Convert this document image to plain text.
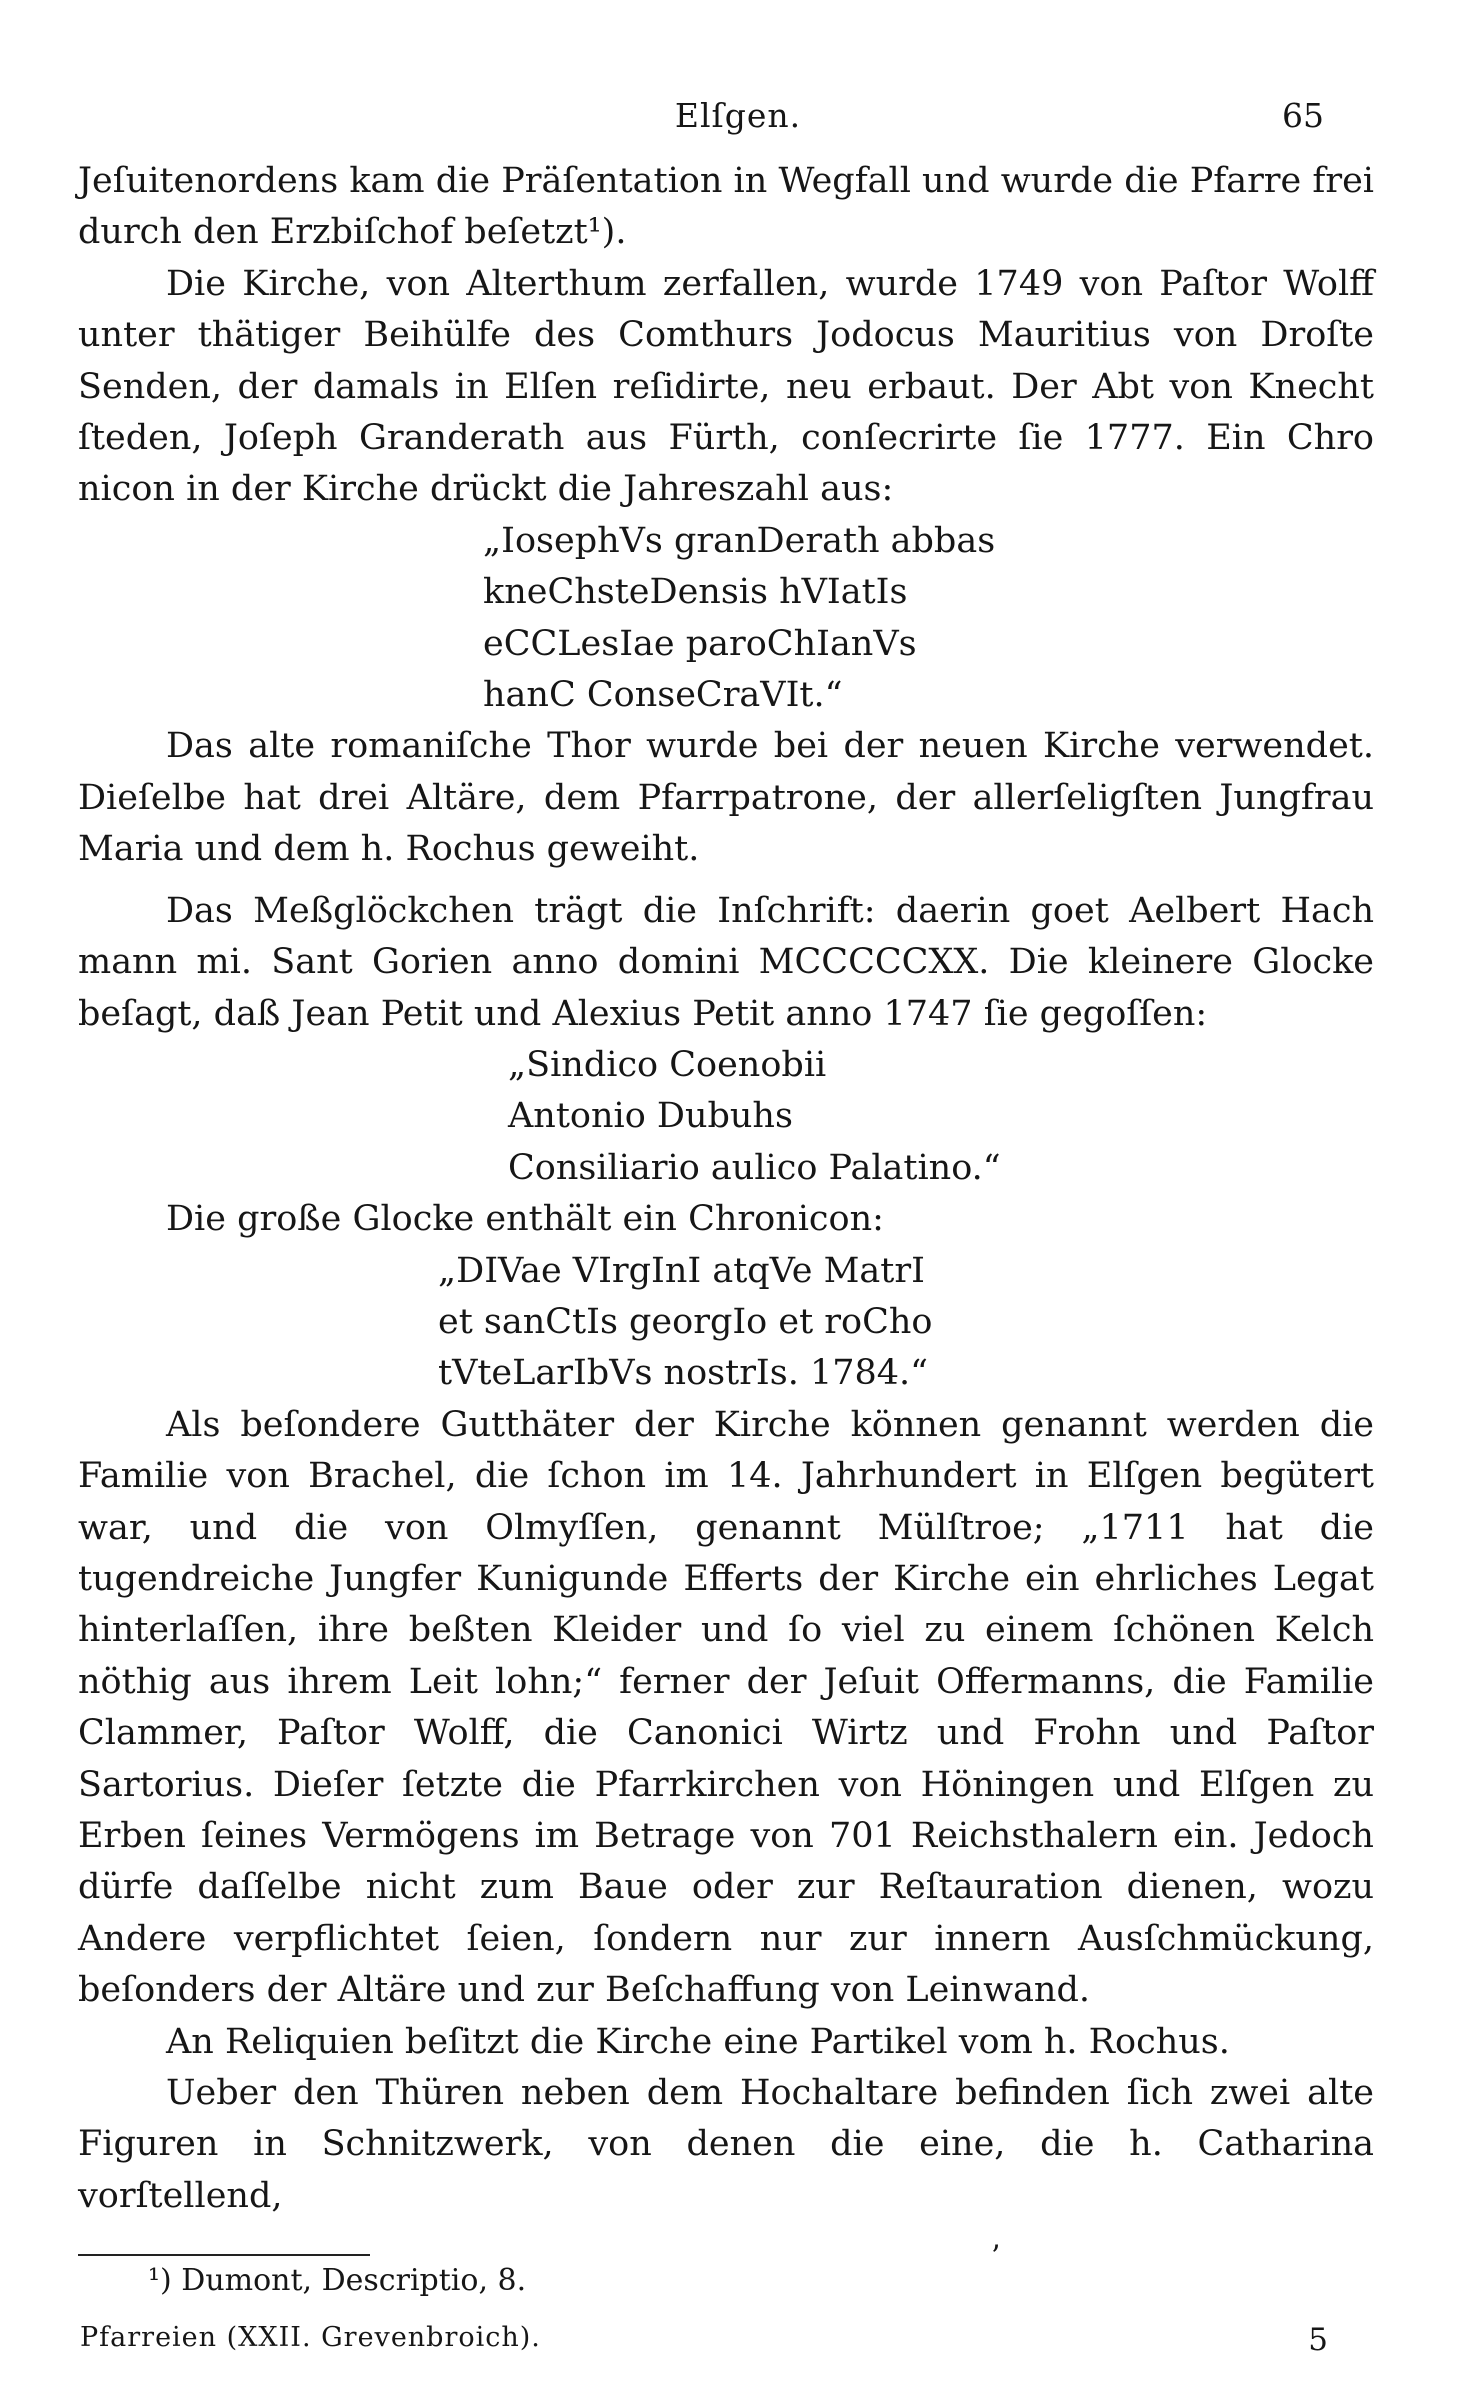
Elſgen.	65

Jeſuitenordens kam die Präſentation in Wegfall und wurde die Pfarre frei durch den Erzbiſchof beſetzt¹).

Die Kirche, von Alterthum zerfallen, wurde 1749 von Paſtor Wolff unter thätiger Beihülfe des Comthurs Jodocus Mauritius von Droſte Senden, der damals in Elſen reſidirte, neu erbaut. Der Abt von Knecht ſteden, Joſeph Granderath aus Fürth, conſecrirte ſie 1777. Ein Chro nicon in der Kirche drückt die Jahreszahl aus:

„IosephVs granDerath abbas
kneChsteDensis hVIatIs
eCCLesIae paroChIanVs
hanC ConseCraVIt.“

Das alte romaniſche Thor wurde bei der neuen Kirche verwendet. Dieſelbe hat drei Altäre, dem Pfarrpatrone, der allerſeligſten Jungfrau Maria und dem h. Rochus geweiht.

Das Meßglöckchen trägt die Inſchrift: daerin goet Aelbert Hach mann mi. Sant Gorien anno domini MCCCCCXX. Die kleinere Glocke beſagt, daß Jean Petit und Alexius Petit anno 1747 ſie gegoſſen:

„Sindico Coenobii
Antonio Dubuhs
Consiliario aulico Palatino.“

Die große Glocke enthält ein Chronicon:

„DIVae VIrgInI atqVe MatrI
et sanCtIs georgIo et roCho
tVteLarIbVs nostrIs. 1784.“

Als beſondere Gutthäter der Kirche können genannt werden die Familie von Brachel, die ſchon im 14. Jahrhundert in Elſgen begütert war, und die von Olmyſſen, genannt Mülſtroe; „1711 hat die tugendreiche Jungfer Kunigunde Efferts der Kirche ein ehrliches Legat hinterlaſſen, ihre beßten Kleider und ſo viel zu einem ſchönen Kelch nöthig aus ihrem Leit lohn;“ ferner der Jeſuit Offermanns, die Familie Clammer, Paſtor Wolff, die Canonici Wirtz und Frohn und Paſtor Sartorius. Dieſer ſetzte die Pfarrkirchen von Höningen und Elſgen zu Erben ſeines Vermögens im Betrage von 701 Reichsthalern ein. Jedoch dürfe daſſelbe nicht zum Baue oder zur Reſtauration dienen, wozu Andere verpflichtet ſeien, ſondern nur zur innern Ausſchmückung, beſonders der Altäre und zur Beſchaffung von Leinwand.

An Reliquien beſitzt die Kirche eine Partikel vom h. Rochus.

Ueber den Thüren neben dem Hochaltare befinden ſich zwei alte Figuren in Schnitzwerk, von denen die eine, die h. Catharina vorſtellend,

ʼ
¹) Dumont, Descriptio, 8.
Pfarreien (XXII. Grevenbroich).	5
